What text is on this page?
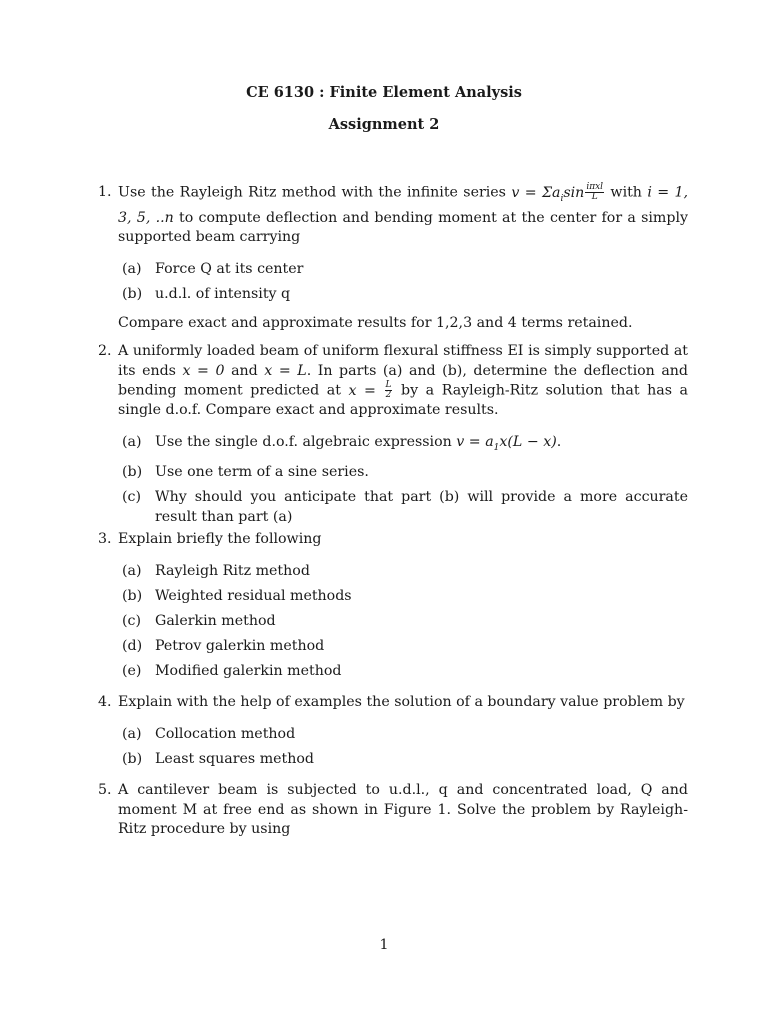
CE 6130 : Finite Element Analysis
Assignment 2
1. Use the Rayleigh Ritz method with the infinite series $v = \Sigma a_i\sin \frac{\text{iπxl}}{L}$ with i = 1, 3, 5, ..n to compute deflection and bending moment at the center for a simply supported beam carrying
(a) Force Q at its center
(b) u.d.l. of intensity q
Compare exact and approximate results for 1,2,3 and 4 terms retained.
2. A uniformly loaded beam of uniform flexural stiffness EI is simply supported at its ends x = 0 and x = L. In parts (a) and (b), determine the deflection and bending moment predicted at $x = \frac{L}{2}$ by a Rayleigh-Ritz solution that has a single d.o.f. Compare exact and approximate results.
(a) Use the single d.o.f. algebraic expression $v = a_1x(L - x)$.
(b) Use one term of a sine series.
(c) Why should you anticipate that part (b) will provide a more accurate result than part (a)
3. Explain briefly the following
(a) Rayleigh Ritz method
(b) Weighted residual methods
(c) Galerkin method
(d) Petrov galerkin method
(e) Modified galerkin method
4. Explain with the help of examples the solution of a boundary value problem by
(a) Collocation method
(b) Least squares method
5. A cantilever beam is subjected to u.d.l., q and concentrated load, Q and moment M at free end as shown in Figure 1. Solve the problem by Rayleigh-Ritz procedure by using
1
